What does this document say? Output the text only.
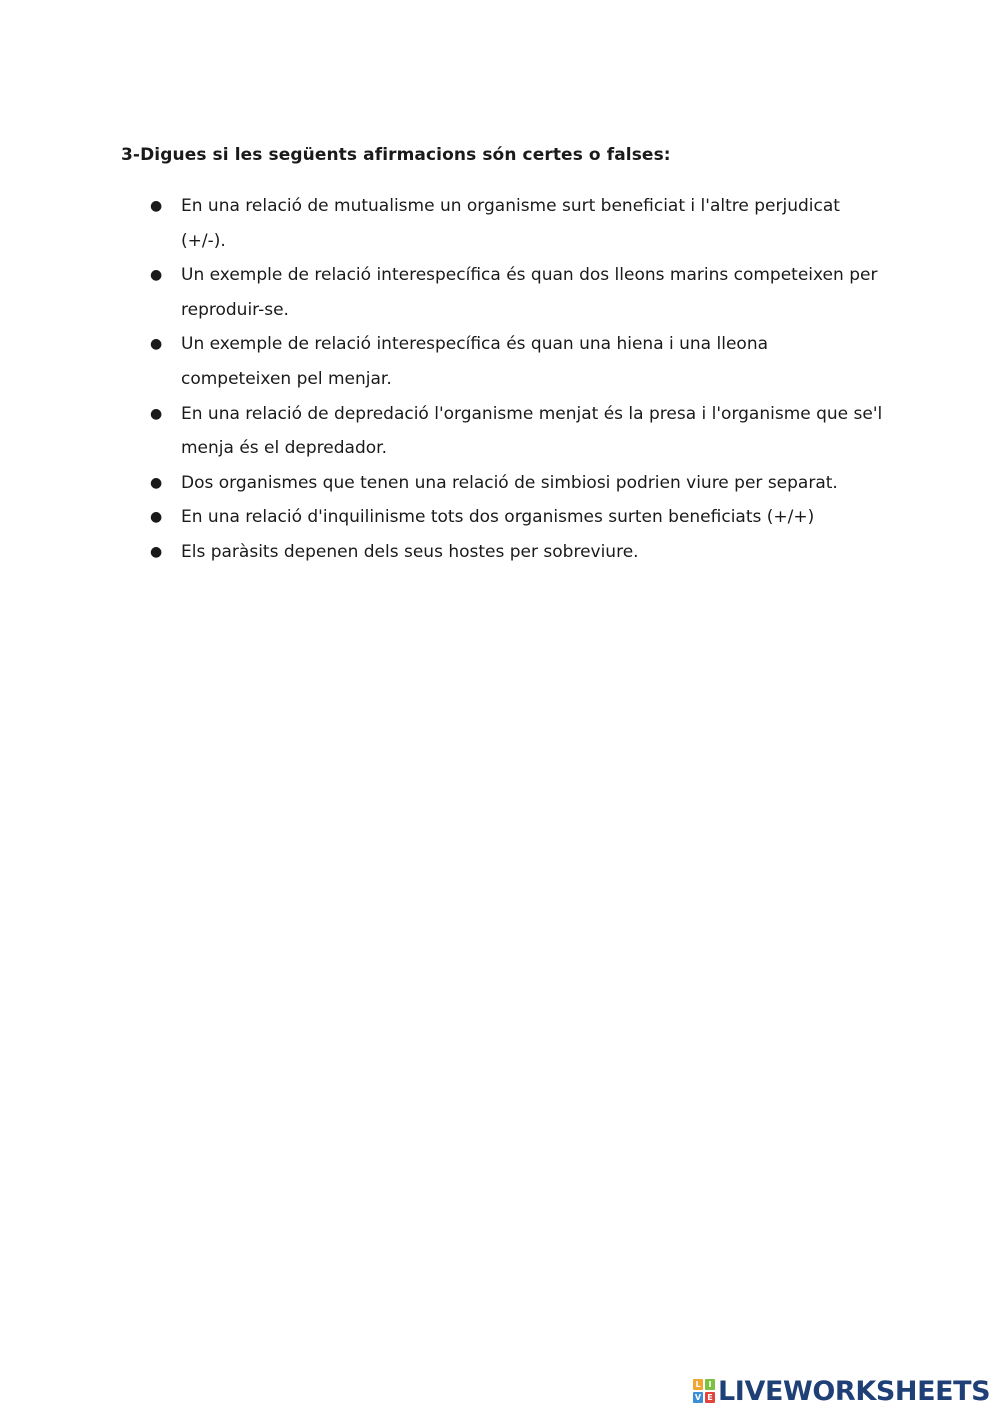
3-Digues si les següents afirmacions són certes o falses:
● En una relació de mutualisme un organisme surt beneficiat i l'altre perjudicat (+/-).
● Un exemple de relació interespecífica és quan dos lleons marins competeixen per reproduir-se.
● Un exemple de relació interespecífica és quan una hiena i una lleona competeixen pel menjar.
● En una relació de depredació l'organisme menjat és la presa i l'organisme que se'l menja és el depredador.
● Dos organismes que tenen una relació de simbiosi podrien viure per separat.
● En una relació d'inquilinisme tots dos organismes surten beneficiats (+/+)
● Els paràsits depenen dels seus hostes per sobreviure.
L I
V E LIVEWORKSHEETS
